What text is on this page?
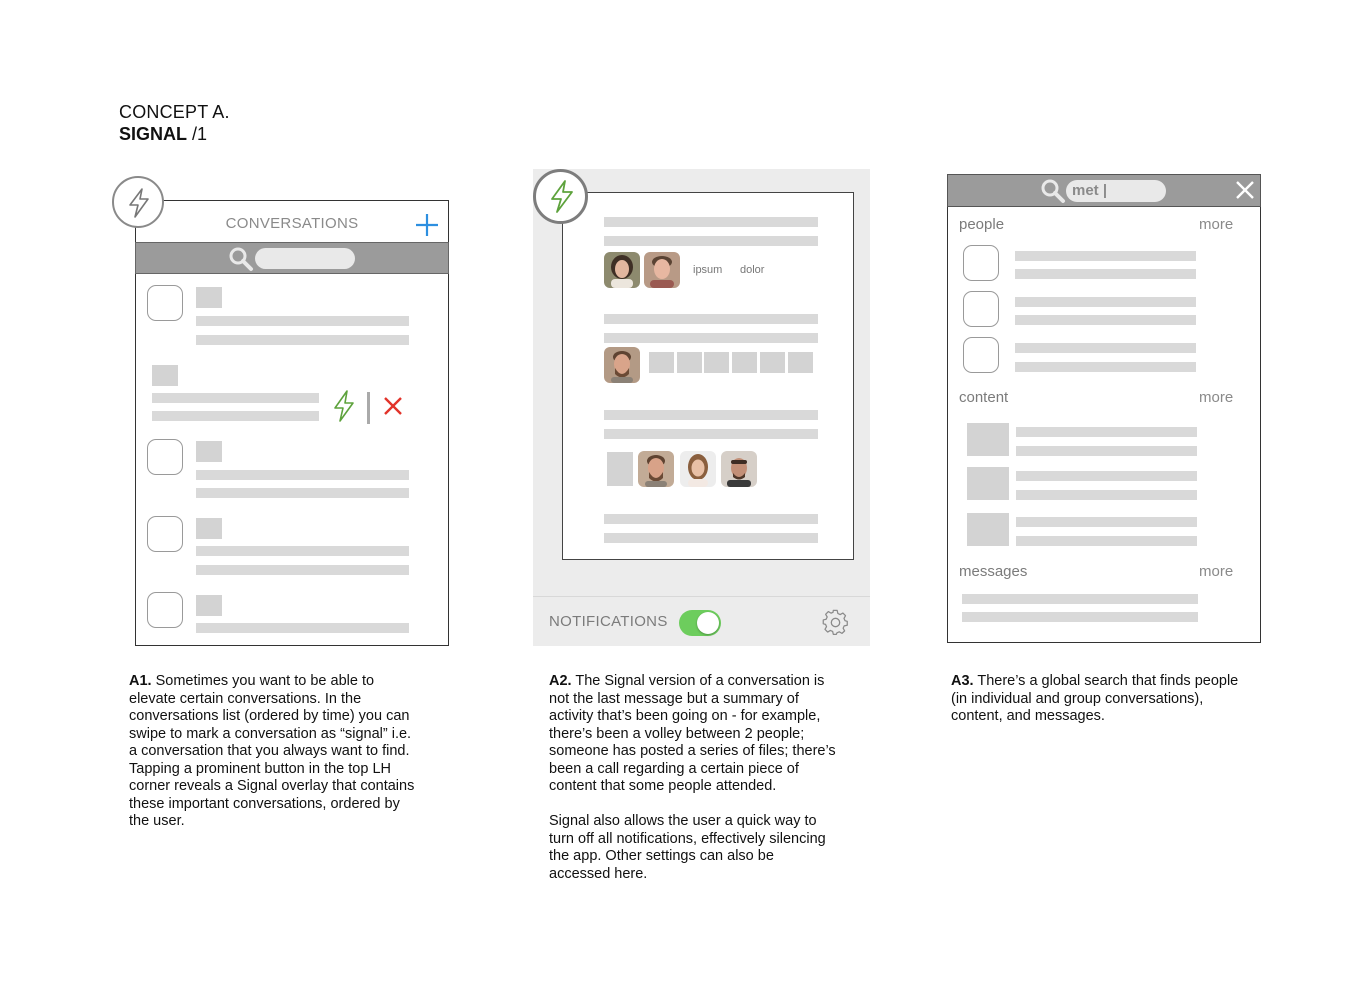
CONCEPT A.
SIGNAL /1
CONVERSATIONS
ipsum dolor
NOTIFICATIONS
met |
people	more
content	more
messages	more
A1. Sometimes you want to be able to
elevate certain conversations. In the
conversations list (ordered by time) you can
swipe to mark a conversation as “signal” i.e.
a conversation that you always want to find.
Tapping a prominent button in the top LH
corner reveals a Signal overlay that contains
these important conversations, ordered by
the user.
A2. The Signal version of a conversation is
not the last message but a summary of
activity that’s been going on - for example,
there’s been a volley between 2 people;
someone has posted a series of files; there’s
been a call regarding a certain piece of
content that some people attended.
Signal also allows the user a quick way to
turn off all notifications, effectively silencing
the app. Other settings can also be
accessed here.
A3. There’s a global search that finds people
(in individual and group conversations),
content, and messages.
